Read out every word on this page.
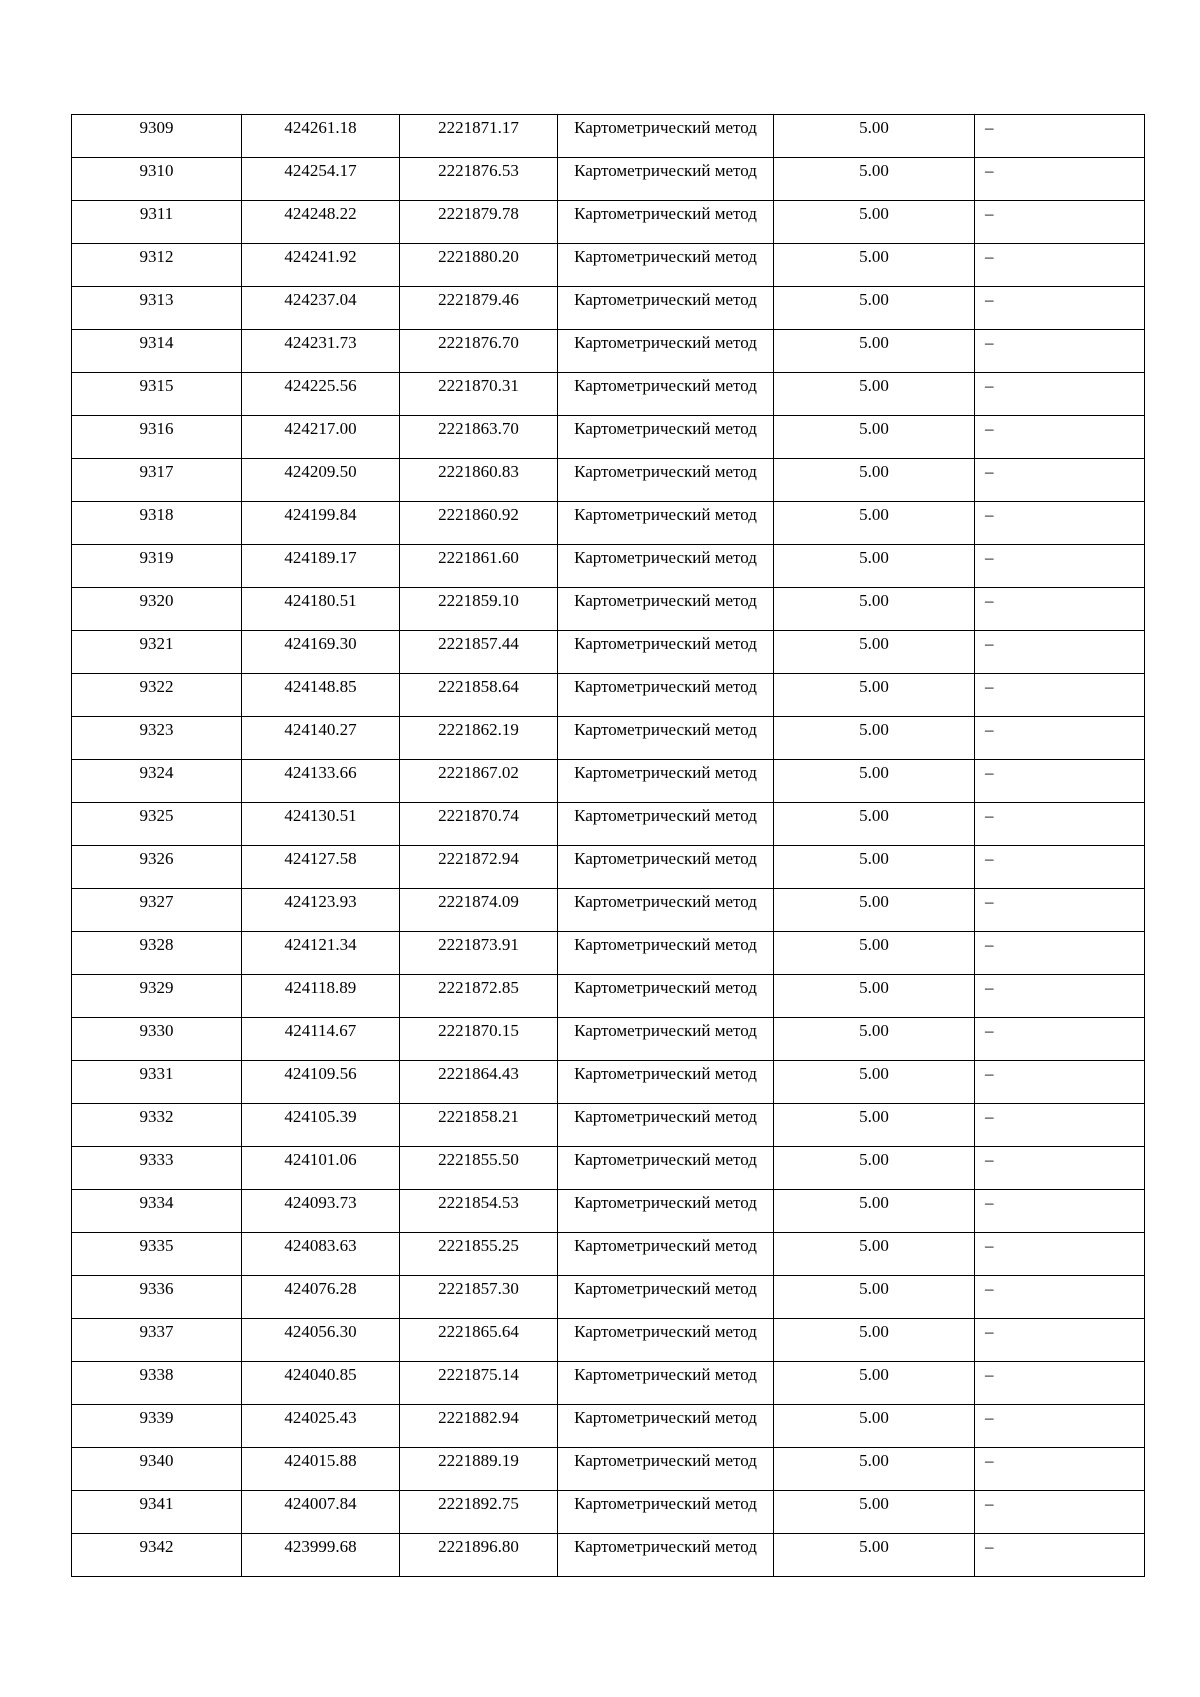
9309	424261.18	2221871.17	Картометрический метод	5.00	–

9310	424254.17	2221876.53	Картометрический метод	5.00	–

9311	424248.22	2221879.78	Картометрический метод	5.00	–

9312	424241.92	2221880.20	Картометрический метод	5.00	–

9313	424237.04	2221879.46	Картометрический метод	5.00	–

9314	424231.73	2221876.70	Картометрический метод	5.00	–

9315	424225.56	2221870.31	Картометрический метод	5.00	–

9316	424217.00	2221863.70	Картометрический метод	5.00	–

9317	424209.50	2221860.83	Картометрический метод	5.00	–

9318	424199.84	2221860.92	Картометрический метод	5.00	–

9319	424189.17	2221861.60	Картометрический метод	5.00	–

9320	424180.51	2221859.10	Картометрический метод	5.00	–

9321	424169.30	2221857.44	Картометрический метод	5.00	–

9322	424148.85	2221858.64	Картометрический метод	5.00	–

9323	424140.27	2221862.19	Картометрический метод	5.00	–

9324	424133.66	2221867.02	Картометрический метод	5.00	–

9325	424130.51	2221870.74	Картометрический метод	5.00	–

9326	424127.58	2221872.94	Картометрический метод	5.00	–

9327	424123.93	2221874.09	Картометрический метод	5.00	–

9328	424121.34	2221873.91	Картометрический метод	5.00	–

9329	424118.89	2221872.85	Картометрический метод	5.00	–

9330	424114.67	2221870.15	Картометрический метод	5.00	–

9331	424109.56	2221864.43	Картометрический метод	5.00	–

9332	424105.39	2221858.21	Картометрический метод	5.00	–

9333	424101.06	2221855.50	Картометрический метод	5.00	–

9334	424093.73	2221854.53	Картометрический метод	5.00	–

9335	424083.63	2221855.25	Картометрический метод	5.00	–

9336	424076.28	2221857.30	Картометрический метод	5.00	–

9337	424056.30	2221865.64	Картометрический метод	5.00	–

9338	424040.85	2221875.14	Картометрический метод	5.00	–

9339	424025.43	2221882.94	Картометрический метод	5.00	–

9340	424015.88	2221889.19	Картометрический метод	5.00	–

9341	424007.84	2221892.75	Картометрический метод	5.00	–

9342	423999.68	2221896.80	Картометрический метод	5.00	–
